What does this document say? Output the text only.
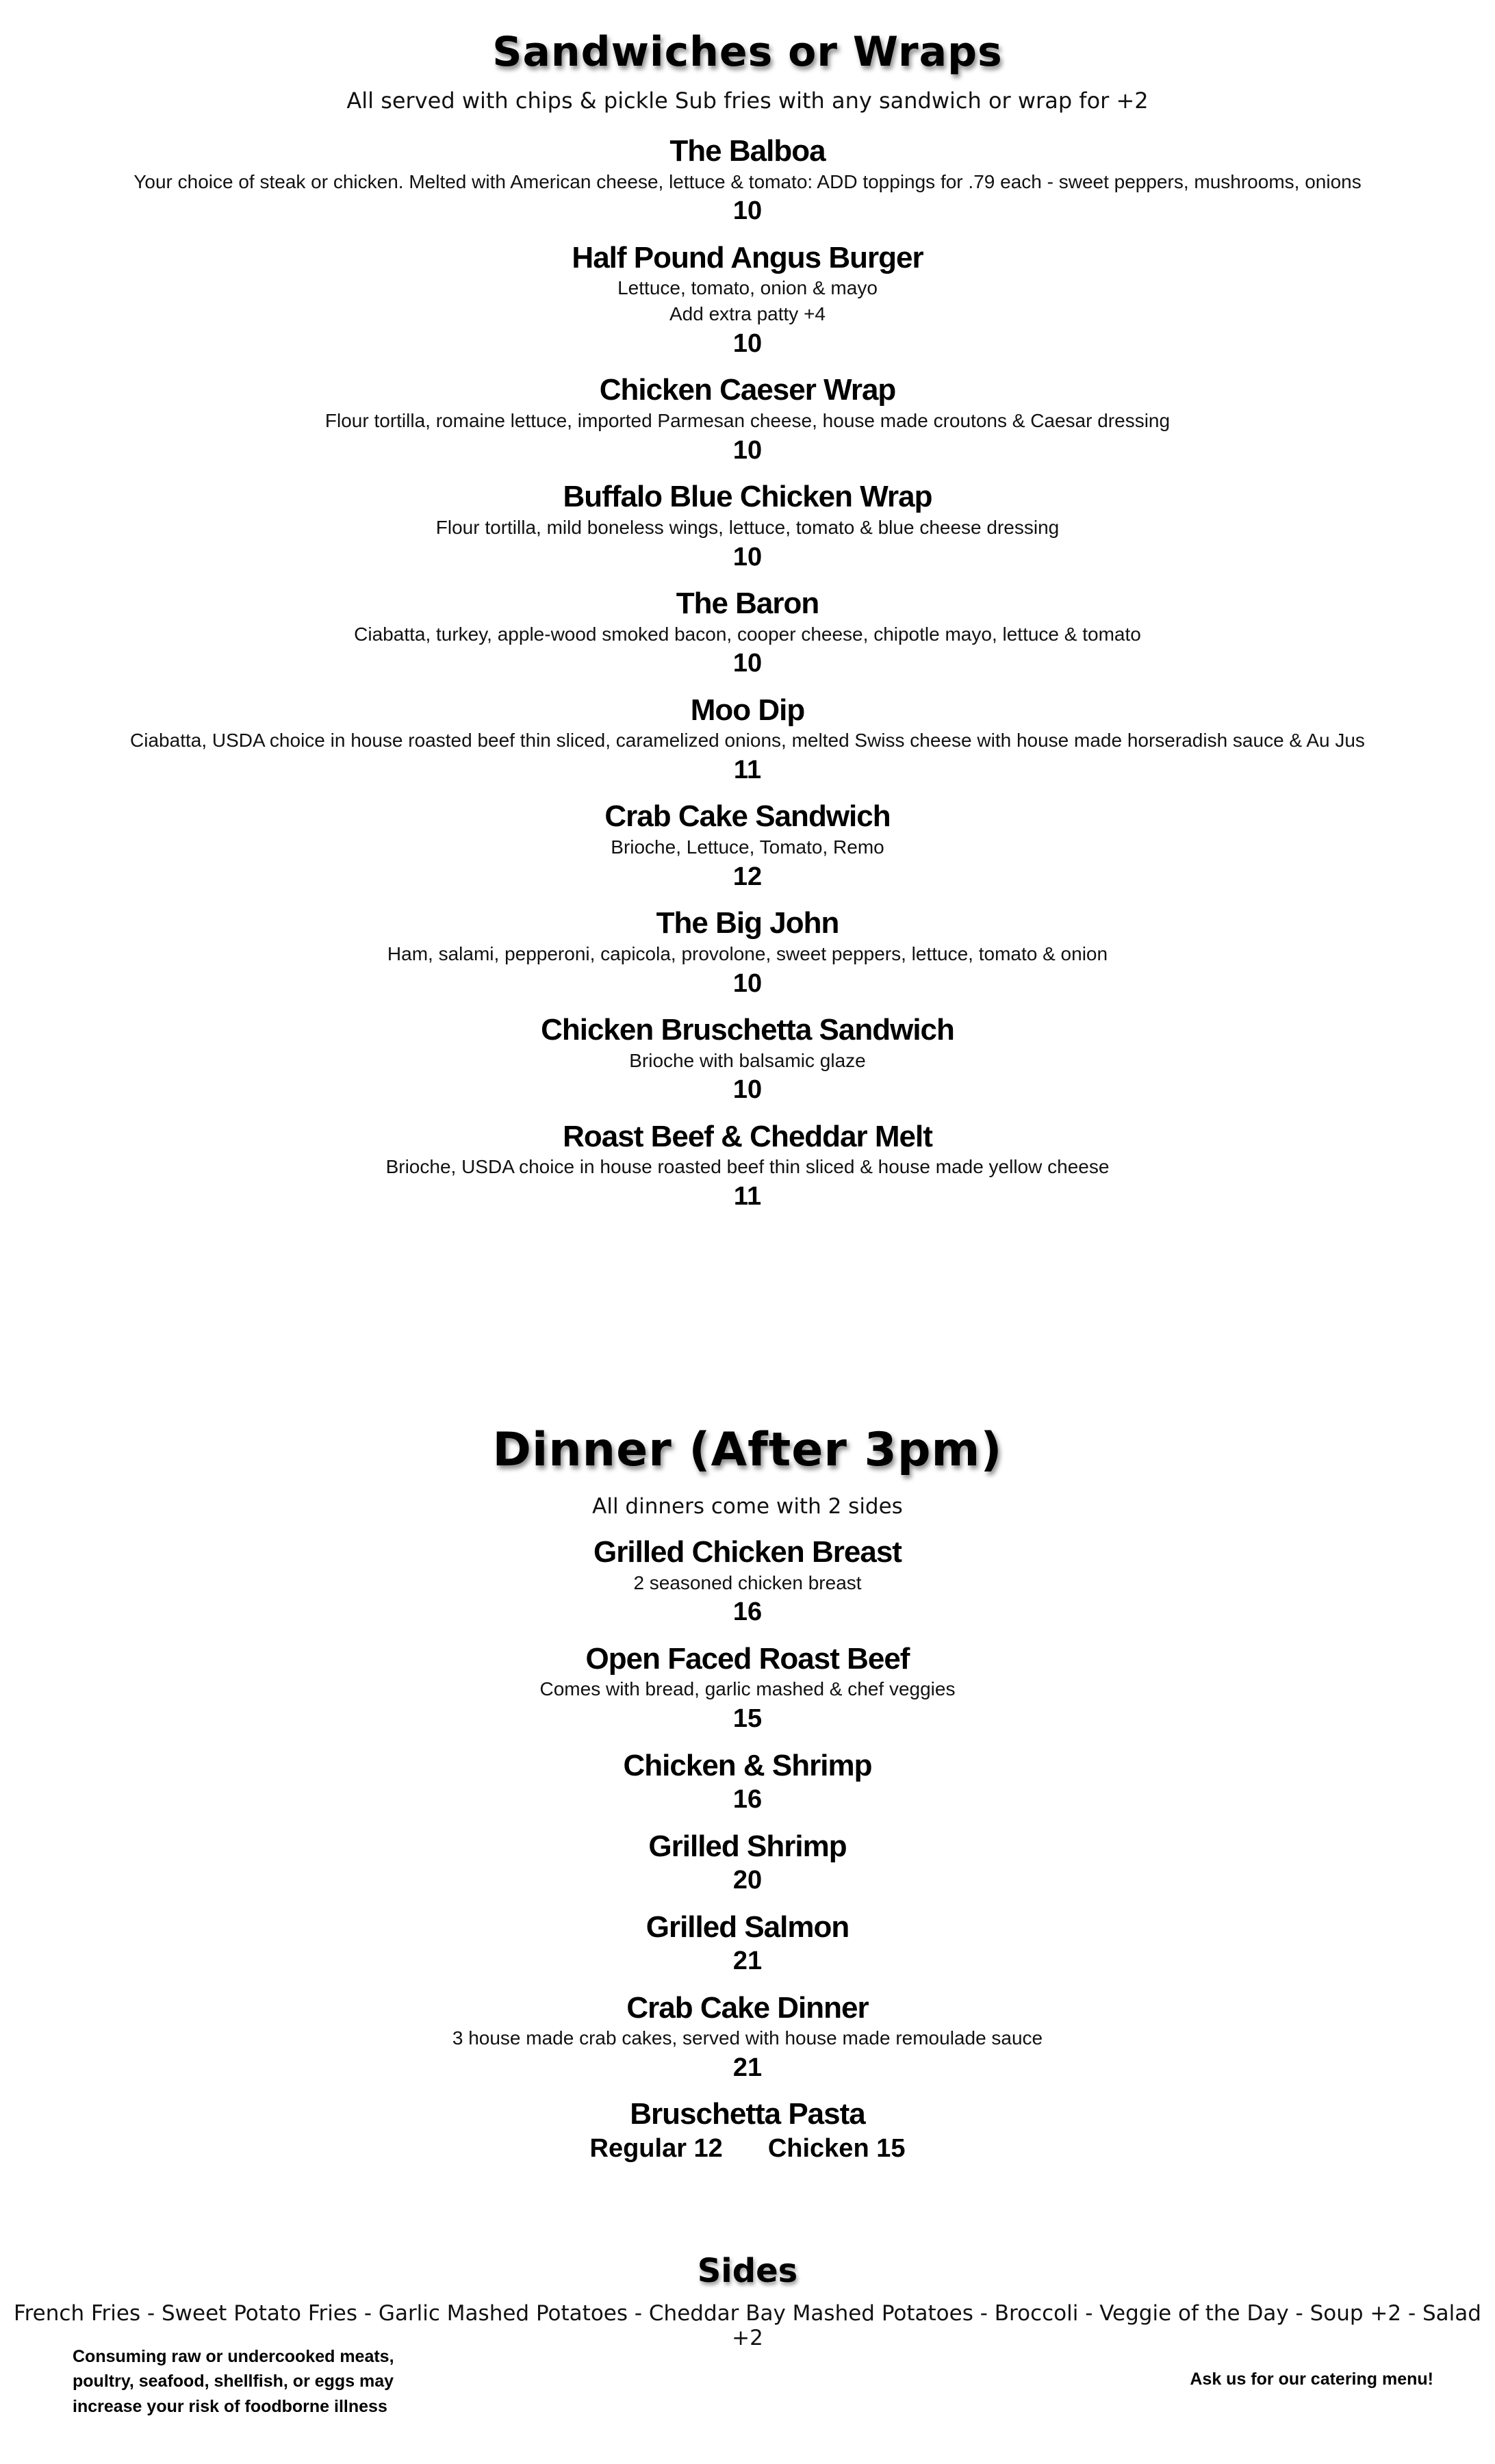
Sandwiches or Wraps

All served with chips & pickle Sub fries with any sandwich or wrap for +2

The Balboa

Your choice of steak or chicken. Melted with American cheese, lettuce & tomato: ADD toppings for .79 each - sweet peppers, mushrooms, onions

10

Half Pound Angus Burger

Lettuce, tomato, onion & mayo

Add extra patty +4

10

Chicken Caeser Wrap

Flour tortilla, romaine lettuce, imported Parmesan cheese, house made croutons & Caesar dressing

10

Buffalo Blue Chicken Wrap

Flour tortilla, mild boneless wings, lettuce, tomato & blue cheese dressing

10

The Baron

Ciabatta, turkey, apple-wood smoked bacon, cooper cheese, chipotle mayo, lettuce & tomato

10

Moo Dip

Ciabatta, USDA choice in house roasted beef thin sliced, caramelized onions, melted Swiss cheese with house made horseradish sauce & Au Jus

11

Crab Cake Sandwich

Brioche, Lettuce, Tomato, Remo

12

The Big John

Ham, salami, pepperoni, capicola, provolone, sweet peppers, lettuce, tomato & onion

10

Chicken Bruschetta Sandwich

Brioche with balsamic glaze

10

Roast Beef & Cheddar Melt

Brioche, USDA choice in house roasted beef thin sliced & house made yellow cheese

11

Dinner (After 3pm)

All dinners come with 2 sides

Grilled Chicken Breast

2 seasoned chicken breast

16

Open Faced Roast Beef

Comes with bread, garlic mashed & chef veggies

15

Chicken & Shrimp

16

Grilled Shrimp

20

Grilled Salmon

21

Crab Cake Dinner

3 house made crab cakes, served with house made remoulade sauce

21

Bruschetta Pasta

Regular 12 Chicken 15

Sides

French Fries - Sweet Potato Fries - Garlic Mashed Potatoes - Cheddar Bay Mashed Potatoes - Broccoli - Veggie of the Day - Soup +2 - Salad +2

Consuming raw or undercooked meats,
poultry, seafood, shellfish, or eggs may
increase your risk of foodborne illness

Ask us for our catering menu!
